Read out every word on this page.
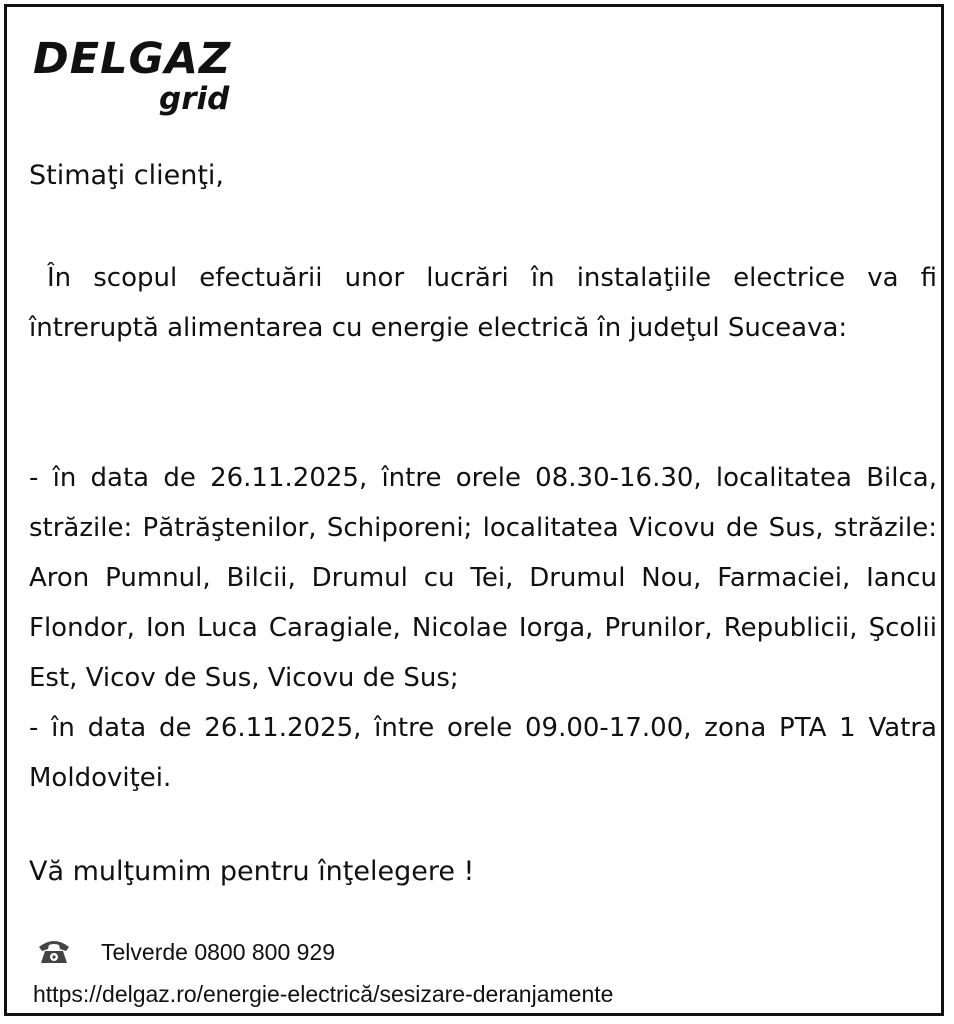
DELGAZ
grid
Stimaţi clienţi,
În scopul efectuării unor lucrări în instalaţiile electrice va fi întreruptă alimentarea cu energie electrică în judeţul Suceava:
- în data de 26.11.2025, între orele 08.30-16.30, localitatea Bilca, străzile: Pătrăştenilor, Schiporeni; localitatea Vicovu de Sus, străzile: Aron Pumnul, Bilcii, Drumul cu Tei, Drumul Nou, Farmaciei, Iancu Flondor, Ion Luca Caragiale, Nicolae Iorga, Prunilor, Republicii, Şcolii Est, Vicov de Sus, Vicovu de Sus;
- în data de 26.11.2025, între orele 09.00-17.00, zona PTA 1 Vatra Moldoviţei.
Vă mulţumim pentru înţelegere !
Telverde 0800 800 929
https://delgaz.ro/energie-electrică/sesizare-deranjamente
